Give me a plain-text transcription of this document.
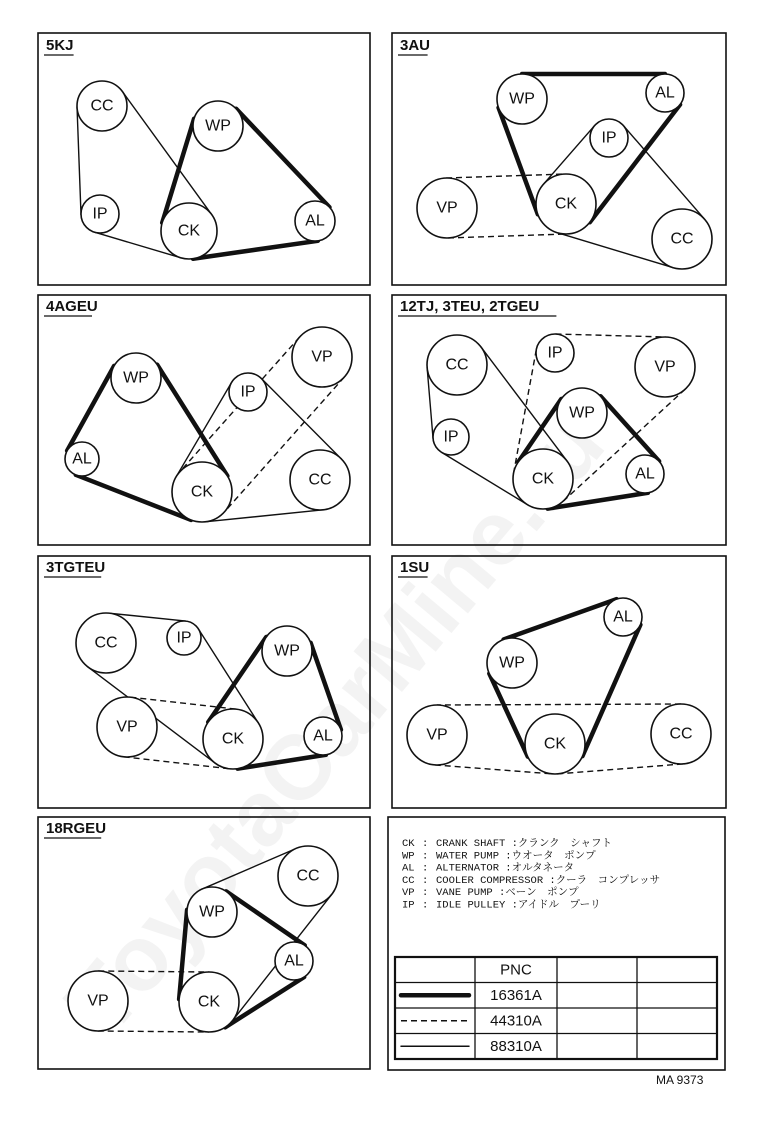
5KJ
CC
IP
WP
CK
AL
3AU
WP	AL
IP
VP	CK
CC
4AGEU
WP
VP
IP
AL
CK
CC
12TJ, 3TEU, 2TGEU
CC
IP
VP
WP
IP
CK	AL
3TGTEU
CC	IP
WP
VP
CK	AL
1SU
AL
WP
VP
CK
CC
18RGEU
CC
WP
AL
VP	CK
CK : CRANK SHAFT : クランク　シャフト
WP : WATER PUMP : ウオータ　ポンプ
AL : ALTERNATOR : オルタネータ
CC : COOLER COMPRESSOR : クーラ　コンプレッサ
VP : VANE PUMP : ベーン　ポンプ
IP : IDLE PULLEY : アイドル　プーリ
PNC
16361A
44310A
88310A
MA 9373
